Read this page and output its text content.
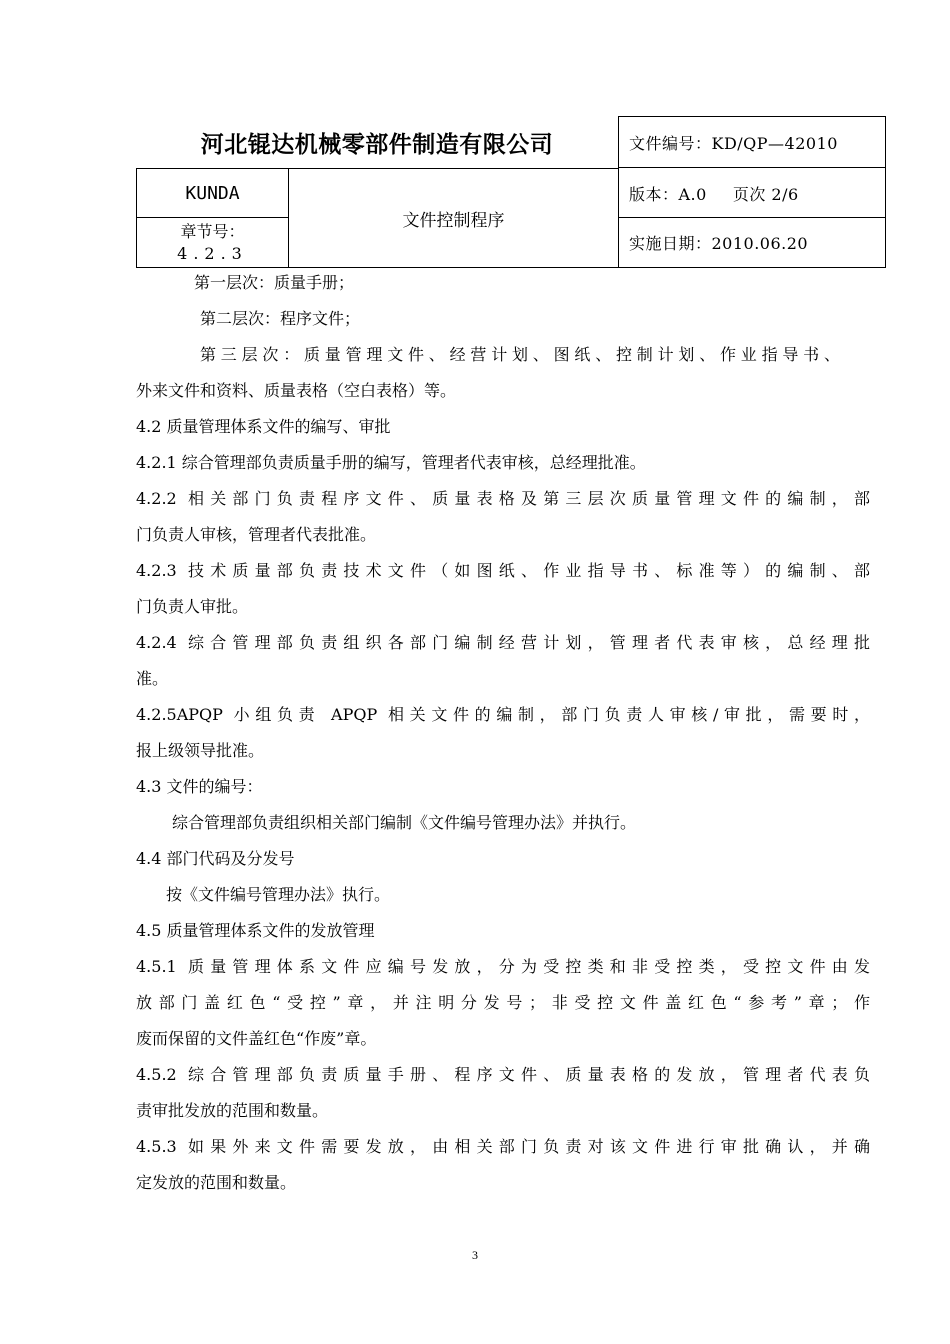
河北锟达机械零部件制造有限公司	文件编号：KD/QP—42010
KUNDA
章节号：
4.2.3
文件控制程序
版本：A.0 页次 2/6
实施日期：2010.06.20
第一层次：质量手册；
第二层次：程序文件；
第三层次：质量管理文件、经营计划、图纸、控制计划、作业指导书、
外来文件和资料、质量表格（空白表格）等。
4.2 质量管理体系文件的编写、审批
4.2.1 综合管理部负责质量手册的编写，管理者代表审核，总经理批准。
4.2.2 相关部门负责程序文件、质量表格及第三层次质量管理文件的编制，部
门负责人审核，管理者代表批准。
4.2.3 技术质量部负责技术文件（如图纸、作业指导书、标准等）的编制、部
门负责人审批。
4.2.4 综合管理部负责组织各部门编制经营计划，管理者代表审核，总经理批
准。
4.2.5APQP 小组负责 APQP 相关文件的编制，部门负责人审核/审批，需要时，
报上级领导批准。
4.3 文件的编号：
综合管理部负责组织相关部门编制《文件编号管理办法》并执行。
4.4 部门代码及分发号
按《文件编号管理办法》执行。
4.5 质量管理体系文件的发放管理
4.5.1 质量管理体系文件应编号发放，分为受控类和非受控类，受控文件由发
放部门盖红色“受控”章，并注明分发号；非受控文件盖红色“参考”章；作
废而保留的文件盖红色“作废”章。
4.5.2 综合管理部负责质量手册、程序文件、质量表格的发放，管理者代表负
责审批发放的范围和数量。
4.5.3 如果外来文件需要发放，由相关部门负责对该文件进行审批确认，并确
定发放的范围和数量。
3
